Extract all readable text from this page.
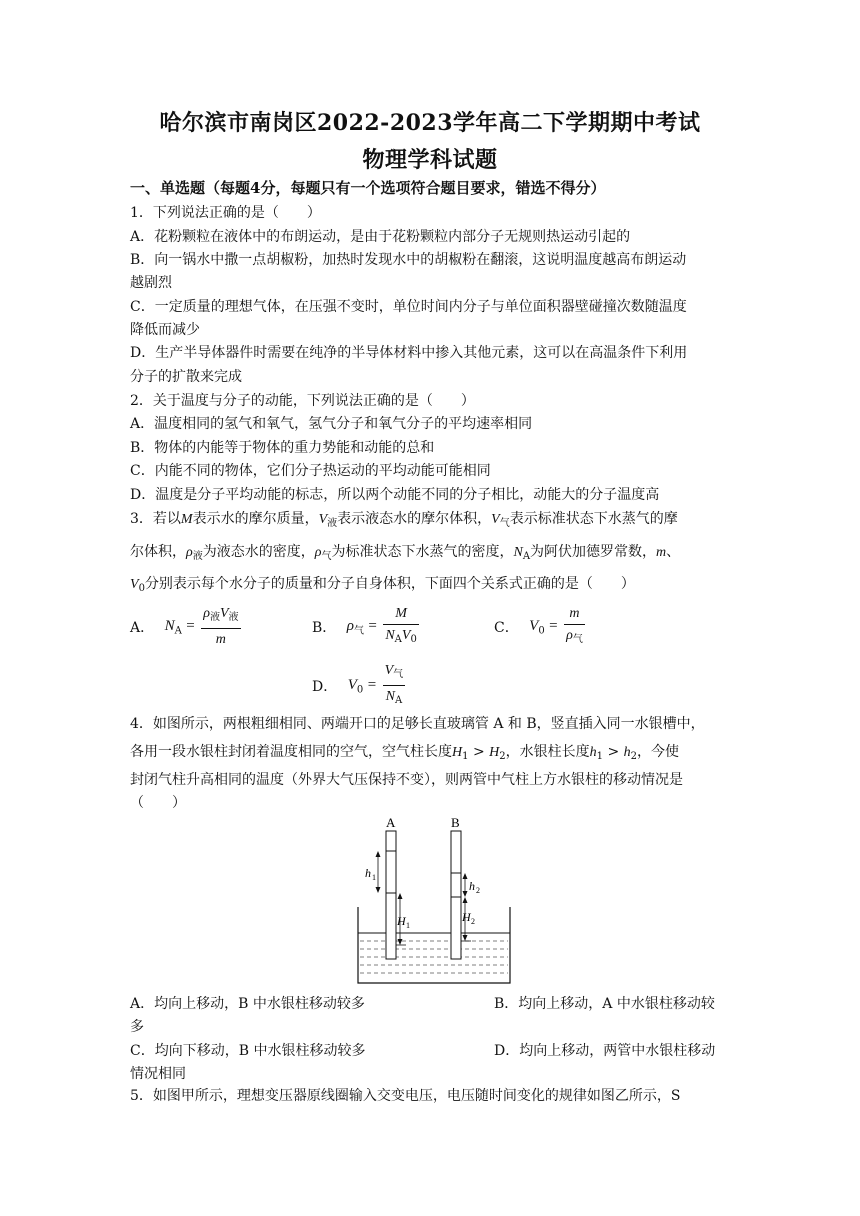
哈尔滨市南岗区2022-2023学年高二下学期期中考试
物理学科试题
一、单选题（每题4分，每题只有一个选项符合题目要求，错选不得分）
1．下列说法正确的是（　　）
A．花粉颗粒在液体中的布朗运动，是由于花粉颗粒内部分子无规则热运动引起的
B．向一锅水中撒一点胡椒粉，加热时发现水中的胡椒粉在翻滚，这说明温度越高布朗运动
越剧烈
C．一定质量的理想气体，在压强不变时，单位时间内分子与单位面积器壁碰撞次数随温度
降低而减少
D．生产半导体器件时需要在纯净的半导体材料中掺入其他元素，这可以在高温条件下利用
分子的扩散来完成
2．关于温度与分子的动能，下列说法正确的是（　　）
A．温度相同的氢气和氧气，氢气分子和氧气分子的平均速率相同
B．物体的内能等于物体的重力势能和动能的总和
C．内能不同的物体，它们分子热运动的平均动能可能相同
D．温度是分子平均动能的标志，所以两个动能不同的分子相比，动能大的分子温度高
3．若以M表示水的摩尔质量，$V_液$表示液态水的摩尔体积，$V_气$表示标准状态下水蒸气的摩
尔体积，$\rho_液$为液态水的密度，$\rho_气$为标准状态下水蒸气的密度，$N_A$为阿伏加德罗常数，m、
$V_0$分别表示每个水分子的质量和分子自身体积，下面四个关系式正确的是（　　）
A． $N_A = \frac{\rho_液V_液}{m}$	B． $\rho_气 = \frac{M}{N_AV_0}$	C． $V_0 = \frac{m}{\rho_气}$
D． $V_0 = \frac{V_气}{N_A}$
4．如图所示，两根粗细相同、两端开口的足够长直玻璃管 A 和 B，竖直插入同一水银槽中，
各用一段水银柱封闭着温度相同的空气，空气柱长度$H_1 > H_2$，水银柱长度$h_1 > h_2$，今使
封闭气柱升高相同的温度（外界大气压保持不变），则两管中气柱上方水银柱的移动情况是
（　　）
A	B
h 1
H 1
h 2
H 2
A．均向上移动，B 中水银柱移动较多	B．均向上移动，A 中水银柱移动较
多
C．均向下移动，B 中水银柱移动较多	D．均向上移动，两管中水银柱移动
情况相同
5．如图甲所示，理想变压器原线圈输入交变电压，电压随时间变化的规律如图乙所示，S
